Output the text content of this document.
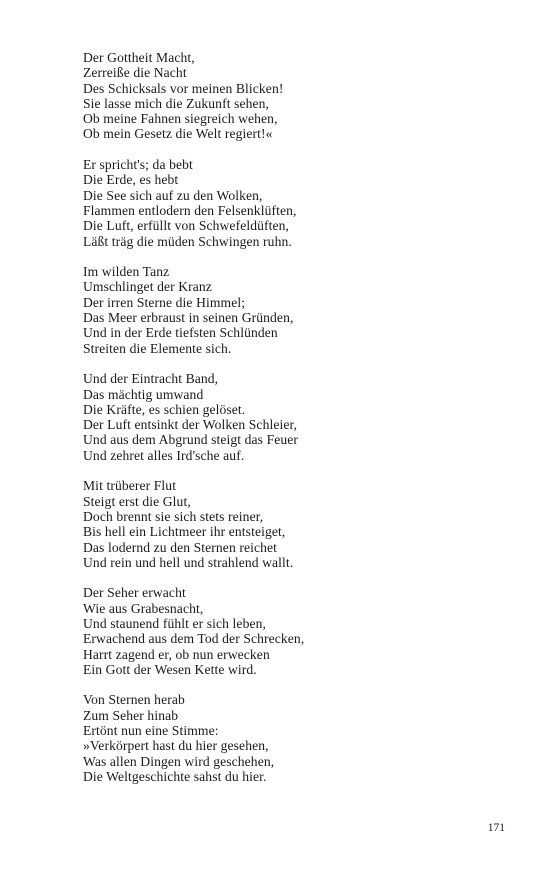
Der Gottheit Macht,
Zerreiße die Nacht
Des Schicksals vor meinen Blicken!
Sie lasse mich die Zukunft sehen,
Ob meine Fahnen siegreich wehen,
Ob mein Gesetz die Welt regiert!«
Er spricht's; da bebt
Die Erde, es hebt
Die See sich auf zu den Wolken,
Flammen entlodern den Felsenklüften,
Die Luft, erfüllt von Schwefeldüften,
Läßt träg die müden Schwingen ruhn.
Im wilden Tanz
Umschlinget der Kranz
Der irren Sterne die Himmel;
Das Meer erbraust in seinen Gründen,
Und in der Erde tiefsten Schlünden
Streiten die Elemente sich.
Und der Eintracht Band,
Das mächtig umwand
Die Kräfte, es schien gelöset.
Der Luft entsinkt der Wolken Schleier,
Und aus dem Abgrund steigt das Feuer
Und zehret alles Ird'sche auf.
Mit trüberer Flut
Steigt erst die Glut,
Doch brennt sie sich stets reiner,
Bis hell ein Lichtmeer ihr entsteiget,
Das lodernd zu den Sternen reichet
Und rein und hell und strahlend wallt.
Der Seher erwacht
Wie aus Grabesnacht,
Und staunend fühlt er sich leben,
Erwachend aus dem Tod der Schrecken,
Harrt zagend er, ob nun erwecken
Ein Gott der Wesen Kette wird.
Von Sternen herab
Zum Seher hinab
Ertönt nun eine Stimme:
»Verkörpert hast du hier gesehen,
Was allen Dingen wird geschehen,
Die Weltgeschichte sahst du hier.
171
